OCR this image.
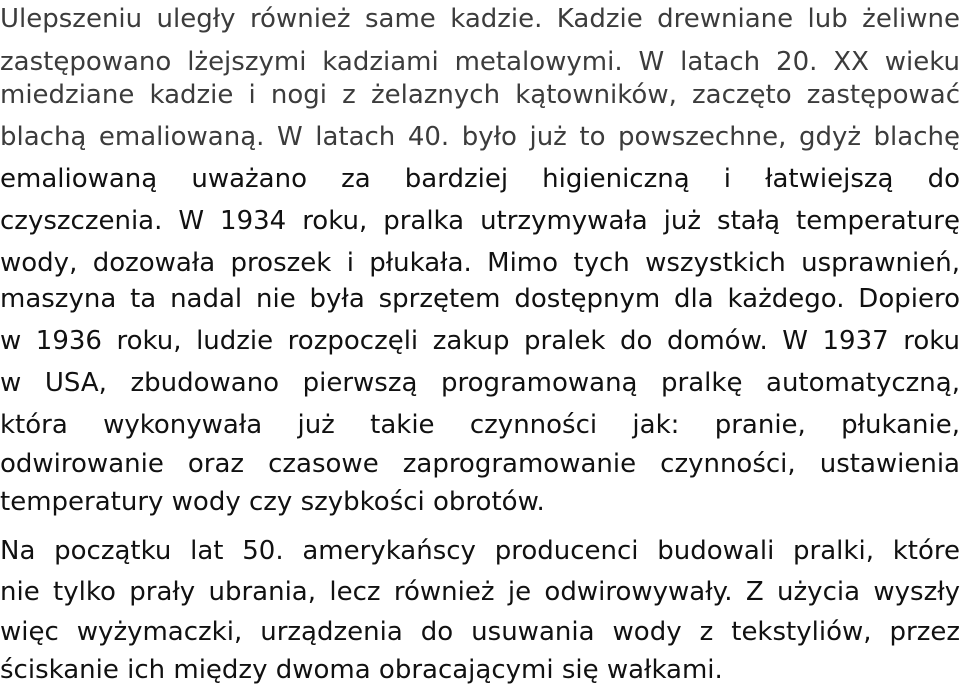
Ulepszeniu uległy również same kadzie. Kadzie drewniane lub żeliwne
zastępowano lżejszymi kadziami metalowymi. W latach 20. XX wieku
miedziane kadzie i nogi z żelaznych kątowników, zaczęto zastępować
blachą emaliowaną. W latach 40. było już to powszechne, gdyż blachę
emaliowaną uważano za bardziej higieniczną i łatwiejszą do
czyszczenia. W 1934 roku, pralka utrzymywała już stałą temperaturę
wody, dozowała proszek i płukała. Mimo tych wszystkich usprawnień,
maszyna ta nadal nie była sprzętem dostępnym dla każdego. Dopiero
w 1936 roku, ludzie rozpoczęli zakup pralek do domów. W 1937 roku
w USA, zbudowano pierwszą programowaną pralkę automatyczną,
która wykonywała już takie czynności jak: pranie, płukanie,
odwirowanie oraz czasowe zaprogramowanie czynności, ustawienia
temperatury wody czy szybkości obrotów.
Na początku lat 50. amerykańscy producenci budowali pralki, które
nie tylko prały ubrania, lecz również je odwirowywały. Z użycia wyszły
więc wyżymaczki, urządzenia do usuwania wody z tekstyliów, przez
ściskanie ich między dwoma obracającymi się wałkami.
